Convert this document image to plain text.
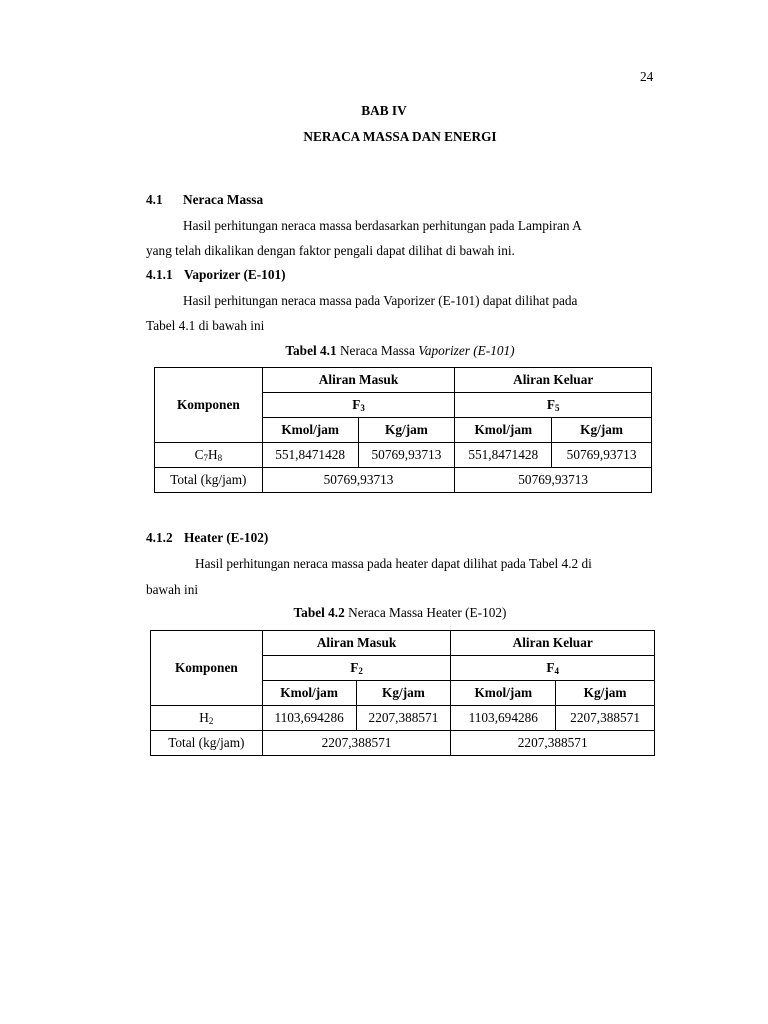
24
BAB IV
NERACA MASSA DAN ENERGI
4.1 Neraca Massa
Hasil perhitungan neraca massa berdasarkan perhitungan pada Lampiran A
yang telah dikalikan dengan faktor pengali dapat dilihat di bawah ini.
4.1.1 Vaporizer (E-101)
Hasil perhitungan neraca massa pada Vaporizer (E-101) dapat dilihat pada
Tabel 4.1 di bawah ini
Tabel 4.1 Neraca Massa Vaporizer (E-101)
Komponen	Aliran Masuk		Aliran Keluar	
	$F_3$		$F_5$
	Kmol/jam	Kg/jam	Kmol/jam	Kg/jam
$C_7H_8$	551,8471428	50769,93713	551,8471428	50769,93713
Total (kg/jam)	50769,93713		50769,93713	
4.1.2 Heater (E-102)
Hasil perhitungan neraca massa pada heater dapat dilihat pada Tabel 4.2 di
bawah ini
Tabel 4.2 Neraca Massa Heater (E-102)
Komponen	Aliran Masuk		Aliran Keluar	
	$F_2$		$F_4$
	Kmol/jam	Kg/jam	Kmol/jam	Kg/jam
$H_2$	1103,694286	2207,388571	1103,694286	2207,388571
Total (kg/jam)	2207,388571		2207,388571	
